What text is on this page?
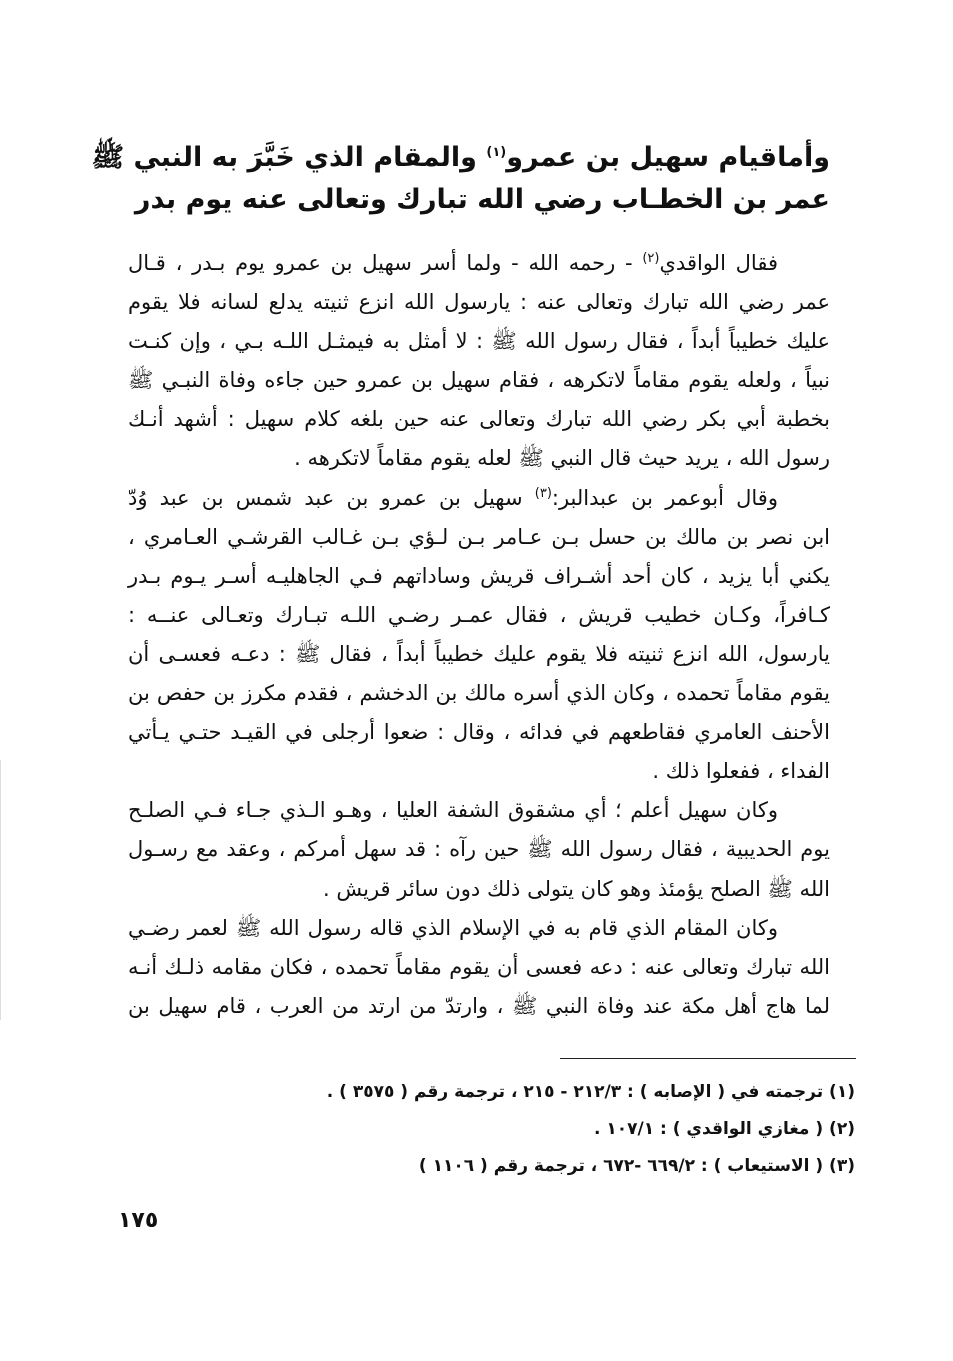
وأماقيام سهيل بن عمرو$^{(١)}$ والمقام الذي خَبَّرَ به النبي ﷺ
عمر بن الخطـاب رضي الله تبارك وتعالى عنه يوم بدر
فقال الواقدي$^{(٢)}$ - رحمه الله - ولما أسر سهيل بن عمرو يوم بـدر ، قـال
عمر رضي الله تبارك وتعالى عنه : يارسول الله انزع ثنيته يدلع لسانه فلا يقوم
عليك خطيباً أبداً ، فقال رسول الله ﷺ : لا أمثل به فيمثـل اللـه بـي ، وإن كنـت
نبياً ، ولعله يقوم مقاماً لاتكرهه ، فقام سهيل بن عمرو حين جاءه وفاة النبـي ﷺ
بخطبة أبي بكر رضي الله تبارك وتعالى عنه حين بلغه كلام سهيل : أشهد أنـك
رسول الله ، يريد حيث قال النبي ﷺ لعله يقوم مقاماً لاتكرهه .
وقال أبوعمر بن عبدالبر:$^{(٣)}$ سهيل بن عمرو بن عبد شمس بن عبد وُدّ
ابن نصر بن مالك بن حسل بـن عـامر بـن لـؤي بـن غـالب القرشـي العـامري ،
يكني أبا يزيد ، كان أحد أشـراف قريش وساداتهم فـي الجاهليـه أسـر يـوم بـدر
كـافراً، وكـان خطيب قريش ، فقال عمـر رضـي اللـه تبـارك وتعـالى عنــه :
يارسول، الله انزع ثنيته فلا يقوم عليك خطيباً أبداً ، فقال ﷺ : دعـه فعسـى أن
يقوم مقاماً تحمده ، وكان الذي أسره مالك بن الدخشم ، فقدم مكرز بن حفص بن
الأحنف العامري فقاطعهم في فدائه ، وقال : ضعوا أرجلى في القيـد حتـي يـأتي
الفداء ، ففعلوا ذلك .
وكان سهيل أعلم ؛ أي مشقوق الشفة العليا ، وهـو الـذي جـاء فـي الصلـح
يوم الحديبية ، فقال رسول الله ﷺ حين رآه : قد سهل أمركم ، وعقد مع رسـول
الله ﷺ الصلح يؤمئذ وهو كان يتولى ذلك دون سائر قريش .
وكان المقام الذي قام به في الإسلام الذي قاله رسول الله ﷺ لعمر رضـي
الله تبارك وتعالى عنه : دعه فعسى أن يقوم مقاماً تحمده ، فكان مقامه ذلـك أنـه
لما هاج أهل مكة عند وفاة النبي ﷺ ، وارتدّ من ارتد من العرب ، قام سهيل بن
(١) ترجمته في ( الإصابه ) : ٢١٢/٣ - ٢١٥ ، ترجمة رقم ( ٣٥٧٥ ) .
(٢) ( مغازي الواقدي ) : ١٠٧/١ .
(٣) ( الاستيعاب ) : ٦٦٩/٢ -٦٧٢ ، ترجمة رقم ( ١١٠٦ )
١٧٥
